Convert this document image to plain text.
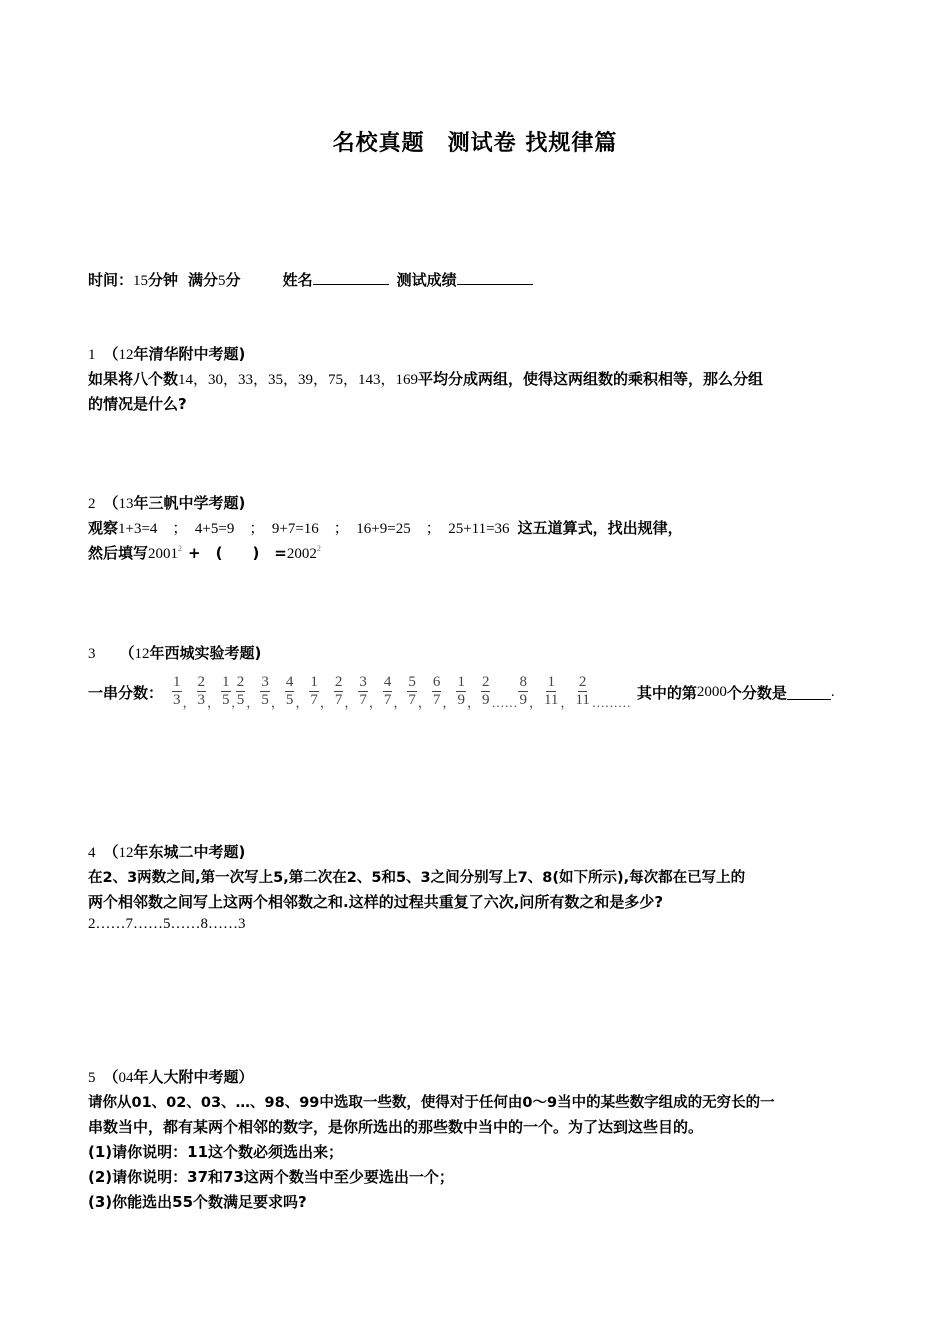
名校真题　测试卷 找规律篇
时间：15分钟 满分5分	姓名	测试成绩
1 （12年清华附中考题)
如果将八个数14，30，33，35，39，75，143，169平均分成两组，使得这两组数的乘积相等，那么分组
的情况是什么?
2 （13年三帆中学考题)
观察1+3=4　；　4+5=9　；　9+7=16　；　16+9=25　；　25+11=36 这五道算式，找出规律，
然后填写$2001^2$ +　(　　)　$=2002^2$
3 （12年西城实验考题)
一串分数： $\frac{1}{3}$ ， $\frac{2}{3}$ ， $\frac{1}{5}$ , $\frac{2}{5}$ ， $\frac{3}{5}$ ， $\frac{4}{5}$ ， $\frac{1}{7}$ ， $\frac{2}{7}$ ， $\frac{3}{7}$ ， $\frac{4}{7}$ ， $\frac{5}{7}$ ， $\frac{6}{7}$ ， $\frac{1}{9}$ ， $\frac{2}{9}$ …… $\frac{8}{9}$ ， $\frac{1}{11}$ ， $\frac{2}{11}$ ………
其中的第 2000 个分数是	.
4 （12年东城二中考题)
在2、3两数之间,第一次写上5,第二次在2、5和5、3之间分别写上7、8(如下所示),每次都在已写上的
两个相邻数之间写上这两个相邻数之和.这样的过程共重复了六次,问所有数之和是多少?
2……7……5……8……3
5 （04年人大附中考题）
请你从01、02、03、…、98、99中选取一些数，使得对于任何由0～9当中的某些数字组成的无穷长的一
串数当中，都有某两个相邻的数字，是你所选出的那些数中当中的一个。为了达到这些目的。
(1)请你说明：11这个数必须选出来；
(2)请你说明：37和73这两个数当中至少要选出一个；
(3)你能选出55个数满足要求吗?
